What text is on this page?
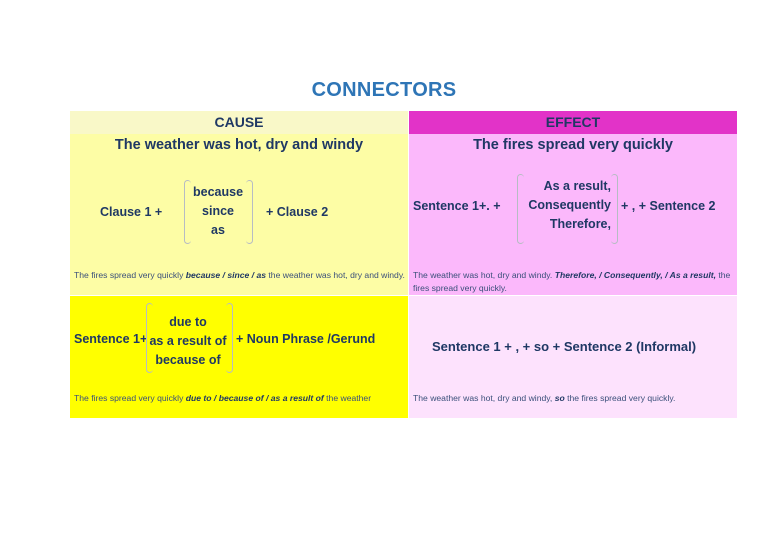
CONNECTORS
CAUSE
The weather was hot, dry and windy
Clause 1 +
because
since
as
+ Clause 2
The fires spread very quickly because / since / as the weather was hot, dry and windy.
EFFECT
The fires spread very quickly
Sentence 1+. +
As a result,
Consequently
Therefore,
+ , + Sentence 2
The weather was hot, dry and windy. Therefore, / Consequently, / As a result, the fires spread very quickly.
Sentence 1+
due to
as a result of
because of
+ Noun Phrase /Gerund
The fires spread very quickly due to / because of / as a result of the weather
Sentence 1 + , + so + Sentence 2 (Informal)
The weather was hot, dry and windy, so the fires spread very quickly.
